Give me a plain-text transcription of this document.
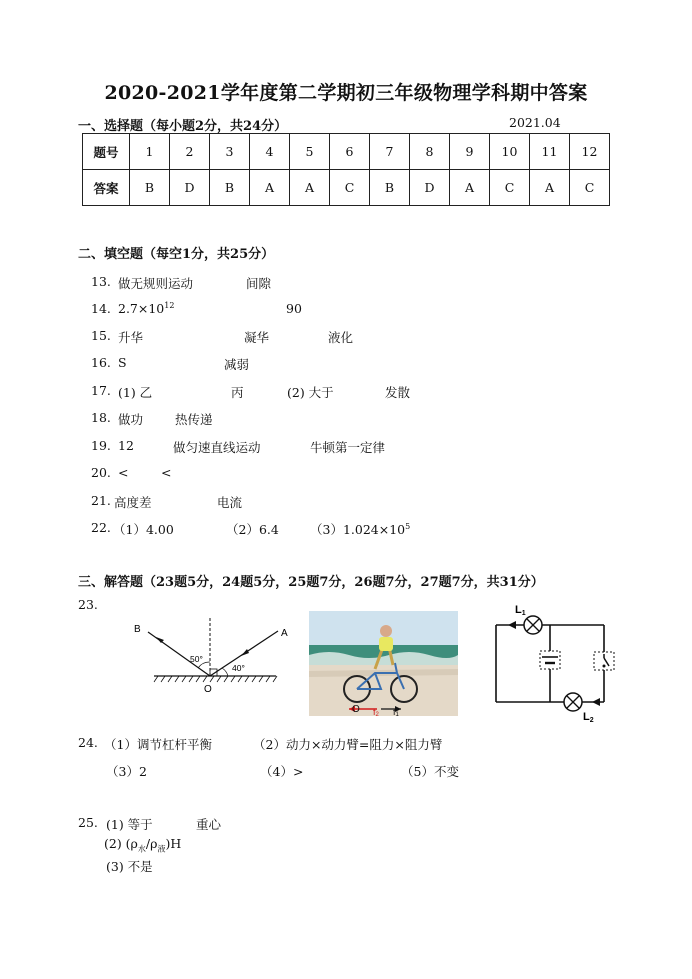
2020-2021学年度第二学期初三年级物理学科期中答案
一、选择题（每小题2分，共24分）	2021.04
题号	1	2	3	4	5	6	7	8	9	10	11	12
答案	B	D	B	A	A	C	B	D	A	C	A	C
二、填空题（每空1分，共25分）
13. 做无规则运动	间隙
14. $2.7\times 10^{12}$	90
15. 升华	凝华	液化
16. S	减弱
17. (1) 乙	丙	(2) 大于	发散
18. 做功	热传递
19. 12	做匀速直线运动	牛顿第一定律
20. <	<
21. 高度差	电流
22. （1）4.00	（2）6.4 $(3)1.024\times 10^5$
三、解答题（23题5分，24题5分，25题7分，26题7分，27题7分，共31分）
23.
B	A
O
50°
40°
O f2 f1
L1
L2
24. （1）调节杠杆平衡	（2）动力×动力臂=阻力×阻力臂
（3）2	（4）>	（5）不变
25. (1) 等于	重心
(2) $(\rho_水/\rho_液)H$
(3) 不是
